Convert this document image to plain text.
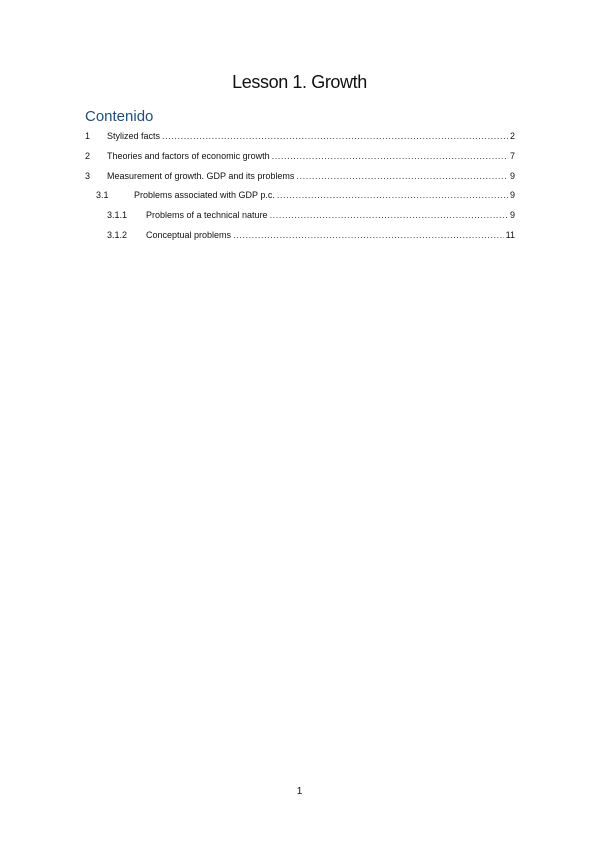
Lesson 1. Growth
Contenido
1	Stylized facts .....	2
2	Theories and factors of economic growth .....	7
3	Measurement of growth. GDP and its problems .....	9
3.1	Problems associated with GDP p.c. .....	9
3.1.1	Problems of a technical nature .....	9
3.1.2	Conceptual problems .....	11
1
